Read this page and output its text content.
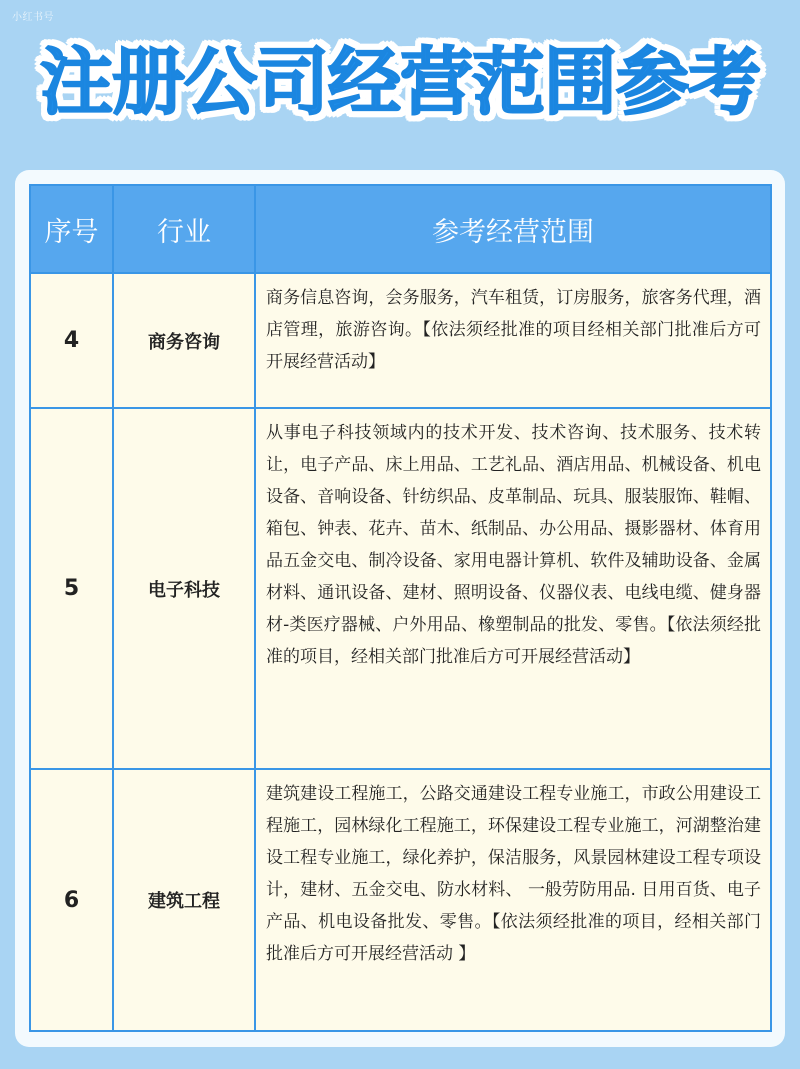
小红书号
注册公司经营范围参考
序号	行业	参考经营范围
4	商务咨询	商务信息咨询，会务服务，汽车租赁，订房服务，旅客务代理，酒店管理，旅游咨询。【依法须经批准的项目经相关部门批准后方可开展经营活动】
5	电子科技	从事电子科技领域内的技术开发、技术咨询、技术服务、技术转让，电子产品、床上用品、工艺礼品、酒店用品、机械设备、机电设备、音响设备、针纺织品、皮革制品、玩具、服装服饰、鞋帽、箱包、钟表、花卉、苗木、纸制品、办公用品、摄影器材、体育用品五金交电、制冷设备、家用电器计算机、软件及辅助设备、金属材料、通讯设备、建材、照明设备、仪器仪表、电线电缆、健身器材-类医疗器械、户外用品、橡塑制品的批发、零售。【依法须经批准的项目，经相关部门批准后方可开展经营活动】
6	建筑工程	建筑建设工程施工，公路交通建设工程专业施工，市政公用建设工程施工，园林绿化工程施工，环保建设工程专业施工，河湖整治建设工程专业施工，绿化养护，保洁服务，风景园林建设工程专项设计，建材、五金交电、防水材料、 一般劳防用品. 日用百货、电子产品、机电设备批发、零售。【依法须经批准的项目，经相关部门批准后方可开展经营活动 】
